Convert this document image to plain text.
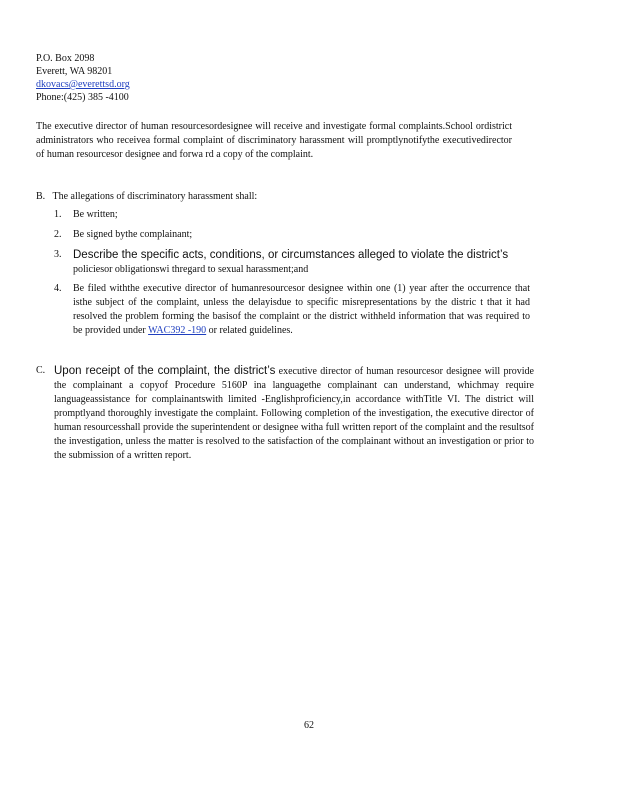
P.O. Box 2098
Everett, WA 98201
dkovacs@everettsd.org
Phone:(425) 385 -4100
The executive director of human resourcesordesignee will receive and investigate formal complaints.School ordistrict administrators who receivea formal complaint of discriminatory harassment will promptlynotifythe executivedirector of human resourcesor designee and forwa rd a copy of the complaint.
B. The allegations of discriminatory harassment shall:
1.	Be written;
2.	Be signed bythe complainant;
3.	Describe the specific acts, conditions, or circumstances alleged to violate the district’s
policiesor obligationswi thregard to sexual harassment;and
4.	Be filed withthe executive director of humanresourcesor designee within one (1) year after the occurrence that isthe subject of the complaint, unless the delayisdue to specific misrepresentations by the distric t that it had resolved the problem forming the basisof the complaint or the district withheld information that was required to be provided under WAC392 -190 or related guidelines.
C. Upon receipt of the complaint, the district’s executive director of human resourcesor designee will provide the complainant a copyof Procedure 5160P ina languagethe complainant can understand, whichmay require languageassistance for complainantswith limited -Englishproficiency,in accordance withTitle VI. The district will promptlyand thoroughly investigate the complaint. Following completion of the investigation, the executive director of human resourcesshall provide the superintendent or designee witha full written report of the complaint and the resultsof the investigation, unless the matter is resolved to the satisfaction of the complainant without an investigation or prior to the submission of a written report.
62
